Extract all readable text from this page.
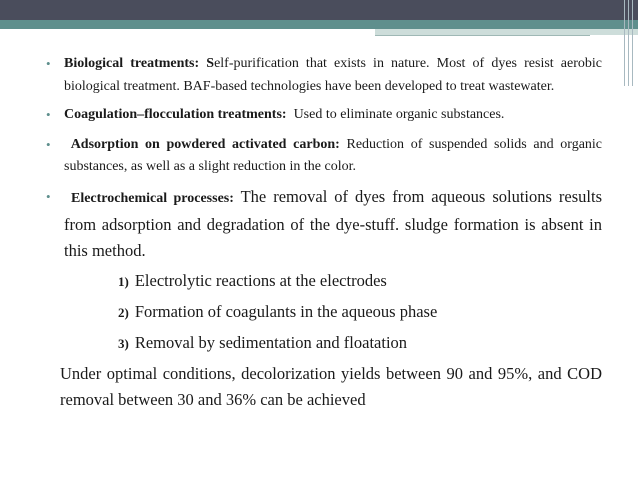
• Biological treatments: Self-purification that exists in nature. Most of dyes resist aerobic biological treatment. BAF-based technologies have been developed to treat wastewater.
• Coagulation–flocculation treatments: Used to eliminate organic substances.
• Adsorption on powdered activated carbon: Reduction of suspended solids and organic substances, as well as a slight reduction in the color.
• Electrochemical processes: The removal of dyes from aqueous solutions results from adsorption and degradation of the dye-stuff. sludge formation is absent in this method.
1) Electrolytic reactions at the electrodes
2) Formation of coagulants in the aqueous phase
3) Removal by sedimentation and floatation
Under optimal conditions, decolorization yields between 90 and 95%, and COD removal between 30 and 36% can be achieved
